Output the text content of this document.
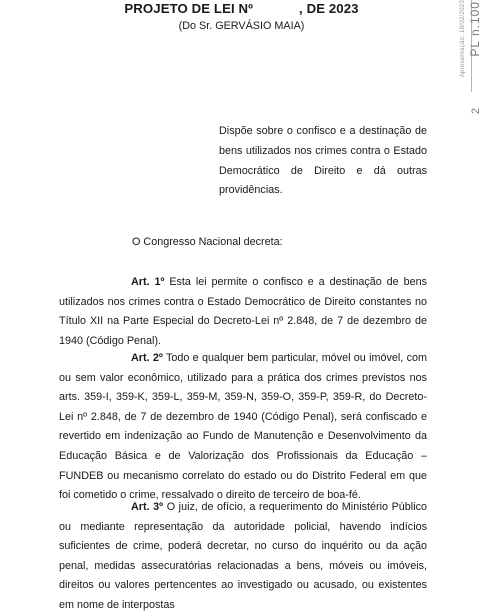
PROJETO DE LEI Nº	, DE 2023
(Do Sr. GERVÁSIO MAIA)	Apresentação: 18/02/2023 PL n.100
2
Dispõe sobre o confisco e a destinação de bens utilizados nos crimes contra o Estado Democrático de Direito e dá outras providências.
O Congresso Nacional decreta:
Art. 1º Esta lei permite o confisco e a destinação de bens utilizados nos crimes contra o Estado Democrático de Direito constantes no Título XII na Parte Especial do Decreto-Lei nº 2.848, de 7 de dezembro de 1940 (Código Penal).
Art. 2º Todo e qualquer bem particular, móvel ou imóvel, com ou sem valor econômico, utilizado para a prática dos crimes previstos nos arts. 359-I, 359-K, 359-L, 359-M, 359-N, 359-O, 359-P, 359-R, do Decreto-Lei nº 2.848, de 7 de dezembro de 1940 (Código Penal), será confiscado e revertido em indenização ao Fundo de Manutenção e Desenvolvimento da Educação Básica e de Valorização dos Profissionais da Educação – FUNDEB ou mecanismo correlato do estado ou do Distrito Federal em que foi cometido o crime, ressalvado o direito de terceiro de boa-fé.
Art. 3º O juiz, de ofício, a requerimento do Ministério Público ou mediante representação da autoridade policial, havendo indícios suficientes de crime, poderá decretar, no curso do inquérito ou da ação penal, medidas assecuratórias relacionadas a bens, móveis ou imóveis, direitos ou valores pertencentes ao investigado ou acusado, ou existentes em nome de interpostas
